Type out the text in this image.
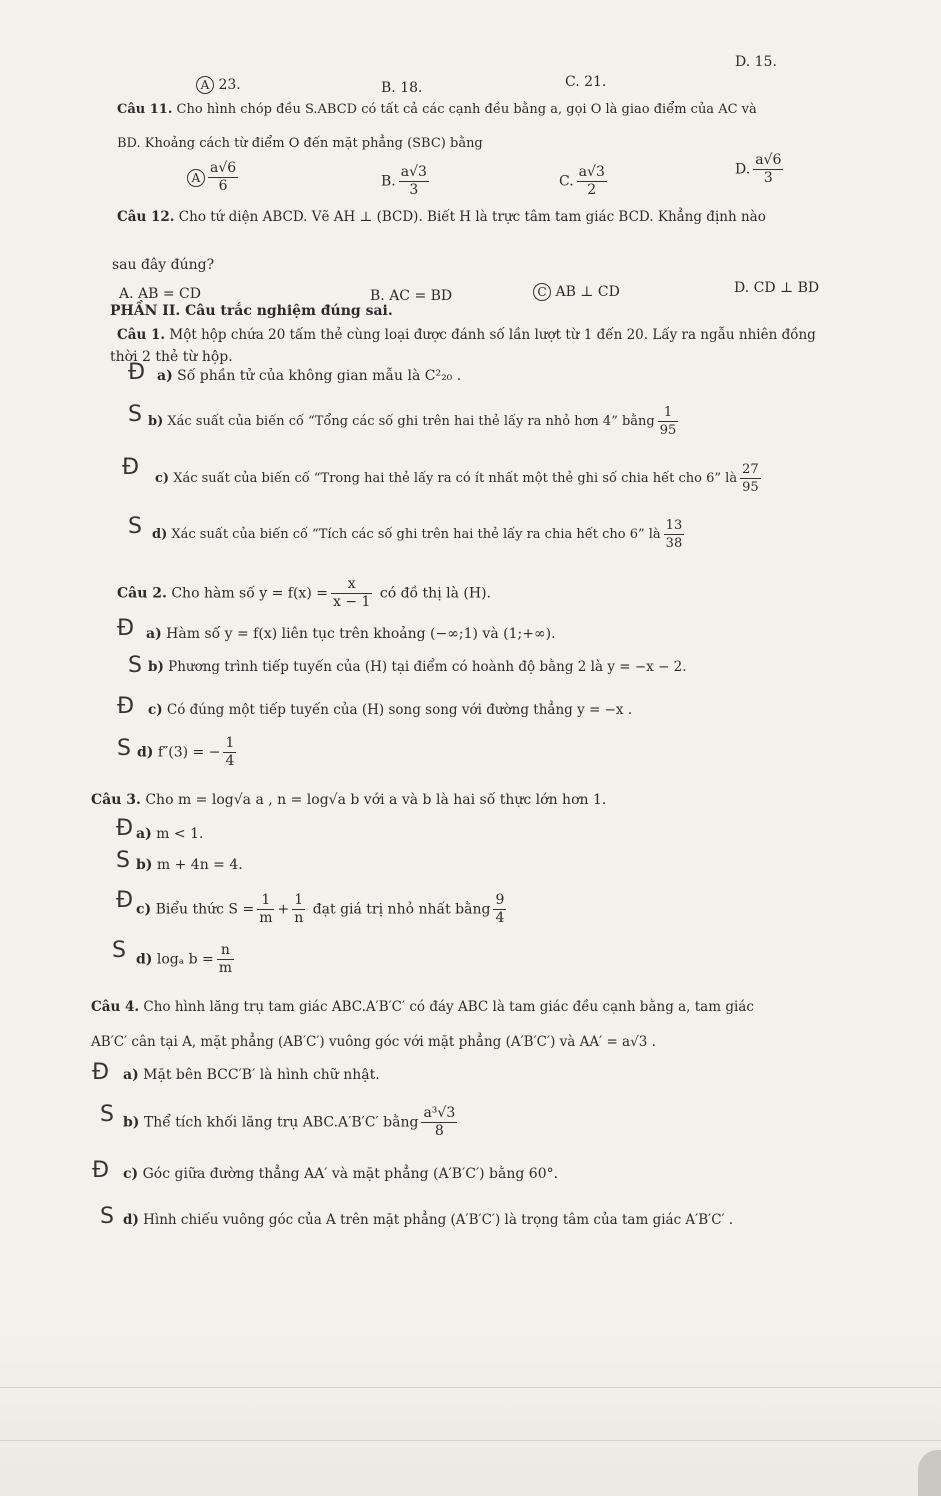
A 23.	B. 18.	C. 21.
D. 15.
Câu 11. Cho hình chóp đều S.ABCD có tất cả các cạnh đều bằng a, gọi O là giao điểm của AC và
BD. Khoảng cách từ điểm O đến mặt phẳng (SBC) bằng
A $\frac{a√6}{6}$	B. $\frac{a√3}{3}$	C. $\frac{a√3}{2}$	D. $\frac{a√6}{3}$
Câu 12. Cho tứ diện ABCD. Vẽ AH ⊥ (BCD). Biết H là trực tâm tam giác BCD. Khẳng định nào
sau đây đúng?
A. AB = CD	B. AC = BD	C AB ⊥ CD	D. CD ⊥ BD
PHẦN II. Câu trắc nghiệm đúng sai.
Câu 1. Một hộp chứa 20 tấm thẻ cùng loại được đánh số lần lượt từ 1 đến 20. Lấy ra ngẫu nhiên đồng
thời 2 thẻ từ hộp.
Đ a) Số phần tử của không gian mẫu là C²₂₀ .
S b) Xác suất của biến cố “Tổng các số ghi trên hai thẻ lấy ra nhỏ hơn 4” bằng $\frac{1}{95}$
Đ c) Xác suất của biến cố “Trong hai thẻ lấy ra có ít nhất một thẻ ghi số chia hết cho 6” là $\frac{27}{95}$
S d) Xác suất của biến cố “Tích các số ghi trên hai thẻ lấy ra chia hết cho 6” là $\frac{13}{38}$
Câu 2. Cho hàm số $y = f(x) = \frac{x}{x - 1}$ có đồ thị là (H).
Đ a) Hàm số y = f(x) liên tục trên khoảng (−∞;1) và (1;+∞).
S b) Phương trình tiếp tuyến của (H) tại điểm có hoành độ bằng 2 là y = −x − 2.
Đ c) Có đúng một tiếp tuyến của (H) song song với đường thẳng y = −x .
S d) f″(3) = − $\frac{1}{4}$
Câu 3. Cho m = log√a a , n = log√a b với a và b là hai số thực lớn hơn 1.
Đ a) m < 1.
S b) m + 4n = 4.
Đ c) Biểu thức $S = \frac{1}{m} + \frac{1}{n}$ đạt giá trị nhỏ nhất bằng $\frac{9}{4}$
S d) logₐ $b = \frac{n}{m}$
Câu 4. Cho hình lăng trụ tam giác ABC.A′B′C′ có đáy ABC là tam giác đều cạnh bằng a, tam giác
AB′C′ cân tại A, mặt phẳng (AB′C′) vuông góc với mặt phẳng (A′B′C′) và AA′ = a√3 .
Đ a) Mặt bên BCC′B′ là hình chữ nhật.
S b) Thể tích khối lăng trụ ABC.A′B′C′ bằng $\frac{\text{a³√3}}{8}$
Đ c) Góc giữa đường thẳng AA′ và mặt phẳng (A′B′C′) bằng 60°.
S d) Hình chiếu vuông góc của A trên mặt phẳng (A′B′C′) là trọng tâm của tam giác A′B′C′ .
